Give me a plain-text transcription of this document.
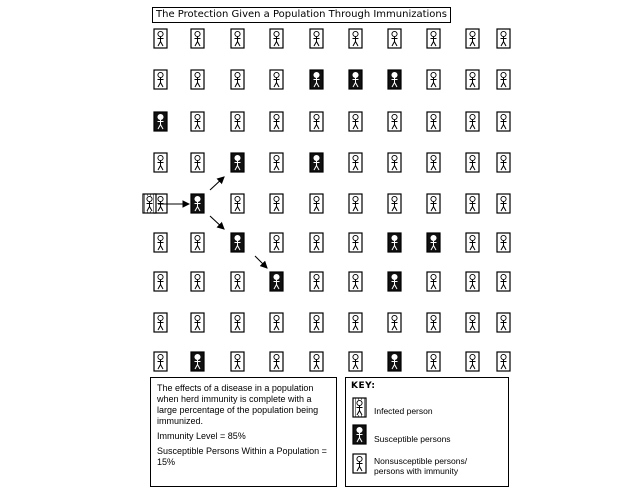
The Protection Given a Population Through Immunizations

The effects of a disease in a population when herd immunity is complete with a large percentage of the population being immunized.

Immunity Level = 85%

Susceptible Persons Within a Population = 15%

KEY:
Infected person
Susceptible persons
Nonsusceptible persons/ persons with immunity
